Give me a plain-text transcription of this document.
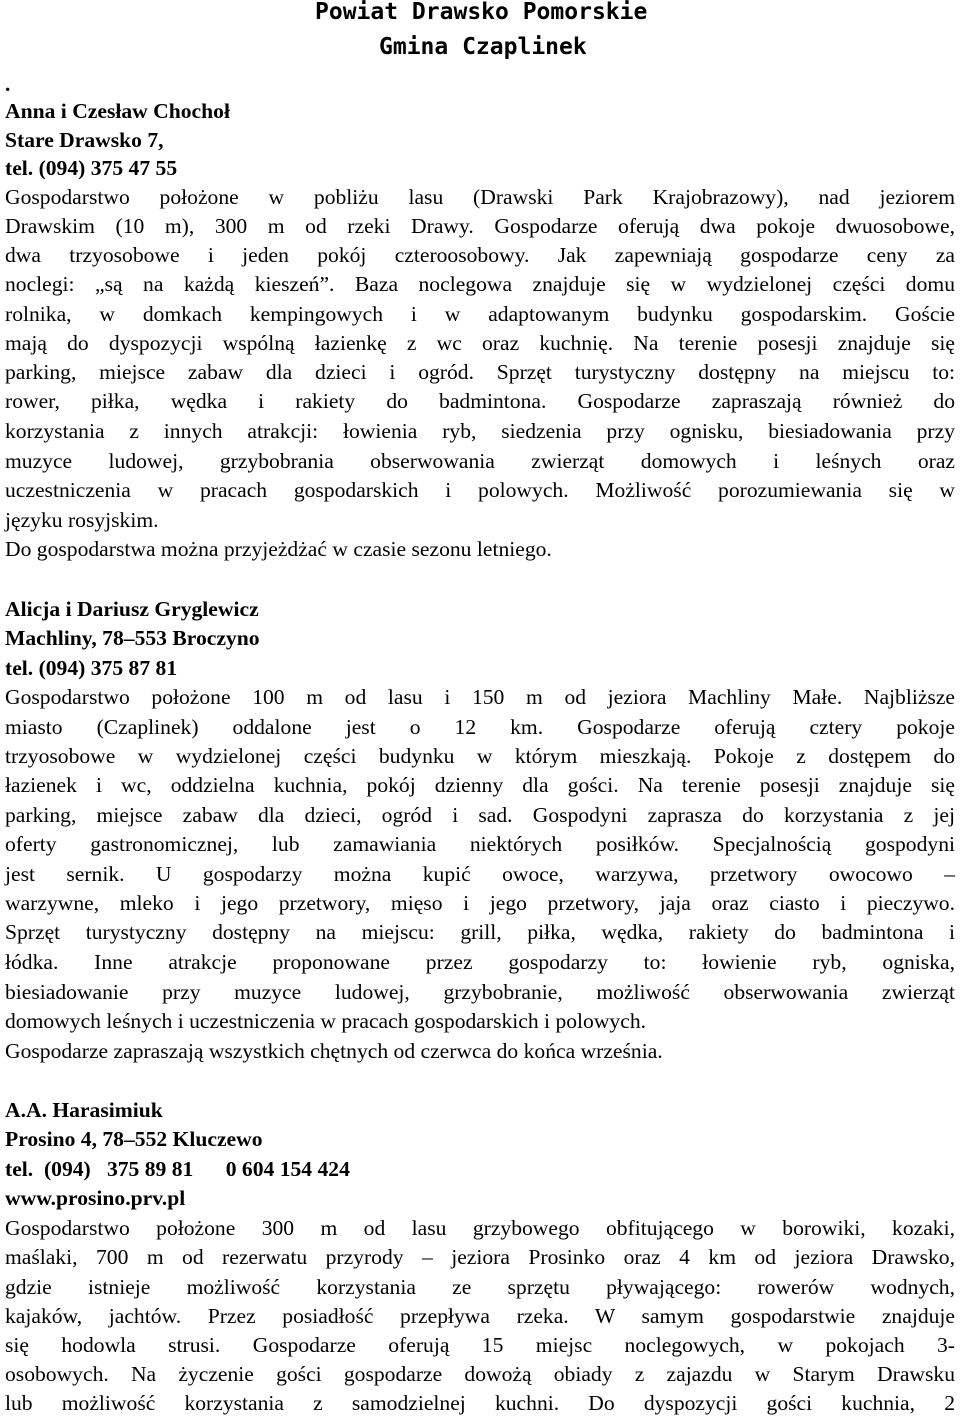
Powiat Drawsko Pomorskie
Gmina Czaplinek
.
Anna i Czesław Chochoł
Stare Drawsko 7,
tel. (094) 375 47 55
Gospodarstwo położone w pobliżu lasu (Drawski Park Krajobrazowy), nad jeziorem
Drawskim (10 m), 300 m od rzeki Drawy. Gospodarze oferują dwa pokoje dwuosobowe,
dwa trzyosobowe i jeden pokój czteroosobowy. Jak zapewniają gospodarze ceny za
noclegi: „są na każdą kieszeń”. Baza noclegowa znajduje się w wydzielonej części domu
rolnika, w domkach kempingowych i w adaptowanym budynku gospodarskim. Goście
mają do dyspozycji wspólną łazienkę z wc oraz kuchnię. Na terenie posesji znajduje się
parking, miejsce zabaw dla dzieci i ogród. Sprzęt turystyczny dostępny na miejscu to:
rower, piłka, wędka i rakiety do badmintona. Gospodarze zapraszają również do
korzystania z innych atrakcji: łowienia ryb, siedzenia przy ognisku, biesiadowania przy
muzyce ludowej, grzybobrania obserwowania zwierząt domowych i leśnych oraz
uczestniczenia w pracach gospodarskich i polowych. Możliwość porozumiewania się w
języku rosyjskim.
Do gospodarstwa można przyjeżdżać w czasie sezonu letniego.
Alicja i Dariusz Gryglewicz
Machliny, 78–553 Broczyno
tel. (094) 375 87 81
Gospodarstwo położone 100 m od lasu i 150 m od jeziora Machliny Małe. Najbliższe
miasto (Czaplinek) oddalone jest o 12 km. Gospodarze oferują cztery pokoje
trzyosobowe w wydzielonej części budynku w którym mieszkają. Pokoje z dostępem do
łazienek i wc, oddzielna kuchnia, pokój dzienny dla gości. Na terenie posesji znajduje się
parking, miejsce zabaw dla dzieci, ogród i sad. Gospodyni zaprasza do korzystania z jej
oferty gastronomicznej, lub zamawiania niektórych posiłków. Specjalnością gospodyni
jest sernik. U gospodarzy można kupić owoce, warzywa, przetwory owocowo –
warzywne, mleko i jego przetwory, mięso i jego przetwory, jaja oraz ciasto i pieczywo.
Sprzęt turystyczny dostępny na miejscu: grill, piłka, wędka, rakiety do badmintona i
łódka. Inne atrakcje proponowane przez gospodarzy to: łowienie ryb, ogniska,
biesiadowanie przy muzyce ludowej, grzybobranie, możliwość obserwowania zwierząt
domowych leśnych i uczestniczenia w pracach gospodarskich i polowych.
Gospodarze zapraszają wszystkich chętnych od czerwca do końca września.
A.A. Harasimiuk
Prosino 4, 78–552 Kluczewo
tel.  (094)   375 89 81      0 604 154 424
www.prosino.prv.pl
Gospodarstwo położone 300 m od lasu grzybowego obfitującego w borowiki, kozaki,
maślaki, 700 m od rezerwatu przyrody – jeziora Prosinko oraz 4 km od jeziora Drawsko,
gdzie istnieje możliwość korzystania ze sprzętu pływającego: rowerów wodnych,
kajaków, jachtów. Przez posiadłość przepływa rzeka. W samym gospodarstwie znajduje
się hodowla strusi. Gospodarze oferują 15 miejsc noclegowych, w pokojach 3-
osobowych. Na życzenie gości gospodarze dowożą obiady z zajazdu w Starym Drawsku
lub możliwość korzystania z samodzielnej kuchni. Do dyspozycji gości kuchnia, 2
